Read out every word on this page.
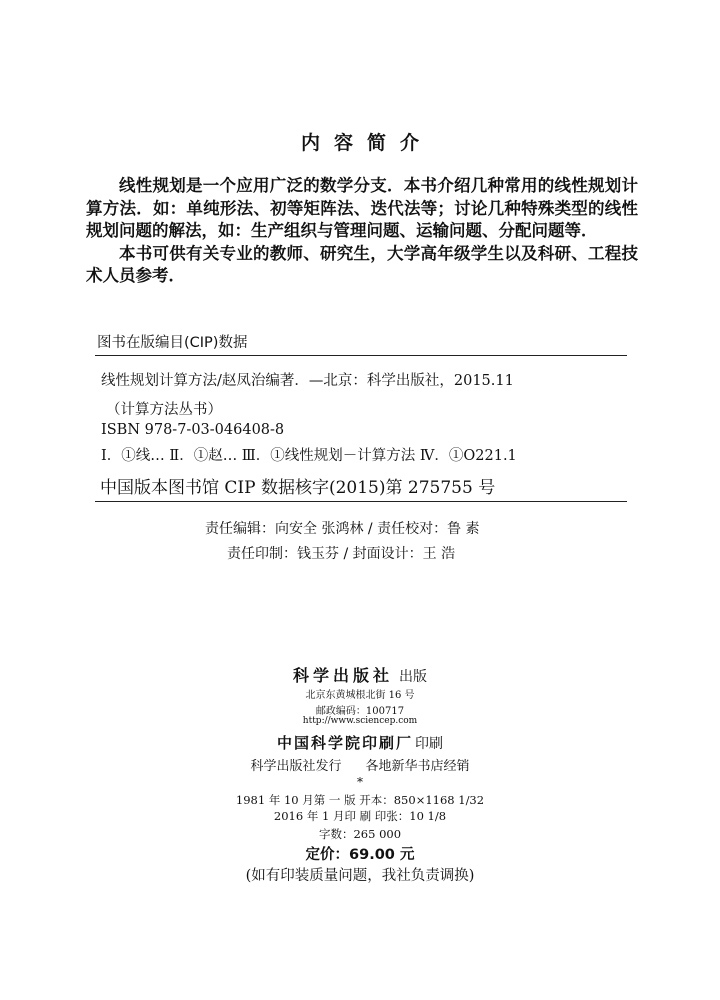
内容简介

线性规划是一个应用广泛的数学分支．本书介绍几种常用的线性规划计算方法．如：单纯形法、初等矩阵法、迭代法等；讨论几种特殊类型的线性规划问题的解法，如：生产组织与管理问题、运输问题、分配问题等．

本书可供有关专业的教师、研究生，大学高年级学生以及科研、工程技术人员参考．

图书在版编目(CIP)数据
线性规划计算方法/赵凤治编著．—北京：科学出版社，2015.11
（计算方法丛书）
ISBN 978-7-03-046408-8
Ⅰ．①线… Ⅱ．①赵… Ⅲ．①线性规划－计算方法 Ⅳ．①O221.1
中国版本图书馆 CIP 数据核字(2015)第 275755 号
责任编辑：向安全 张鸿林 / 责任校对：鲁 素
责任印制：钱玉芬 / 封面设计：王 浩
科学出版社 出版
北京东黄城根北街 16 号
邮政编码：100717
http://www.sciencep.com
中国科学院印刷厂 印刷
科学出版社发行 各地新华书店经销
*
1981 年 10 月第 一 版 开本：850×1168 1/32
2016 年 1 月印 刷 印张：10 1/8
字数：265 000
定价：69.00 元
(如有印装质量问题，我社负责调换)
